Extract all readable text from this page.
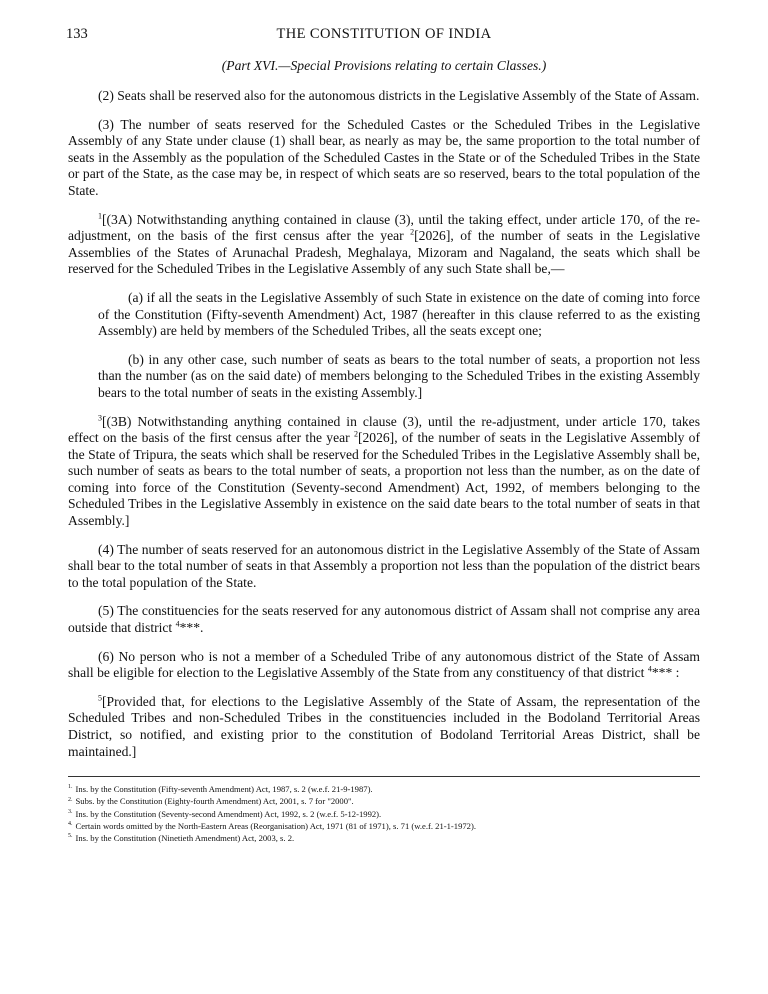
133	THE CONSTITUTION OF INDIA
(Part XVI.—Special Provisions relating to certain Classes.)

(2) Seats shall be reserved also for the autonomous districts in the Legislative Assembly of the State of Assam.

(3) The number of seats reserved for the Scheduled Castes or the Scheduled Tribes in the Legislative Assembly of any State under clause (1) shall bear, as nearly as may be, the same proportion to the total number of seats in the Assembly as the population of the Scheduled Castes in the State or of the Scheduled Tribes in the State or part of the State, as the case may be, in respect of which seats are so reserved, bears to the total population of the State.

$^1$[(3A) Notwithstanding anything contained in clause (3), until the taking effect, under article 170, of the re-adjustment, on the basis of the first census after the year $^2$[2026], of the number of seats in the Legislative Assemblies of the States of Arunachal Pradesh, Meghalaya, Mizoram and Nagaland, the seats which shall be reserved for the Scheduled Tribes in the Legislative Assembly of any such State shall be,—

(a) if all the seats in the Legislative Assembly of such State in existence on the date of coming into force of the Constitution (Fifty-seventh Amendment) Act, 1987 (hereafter in this clause referred to as the existing Assembly) are held by members of the Scheduled Tribes, all the seats except one;

(b) in any other case, such number of seats as bears to the total number of seats, a proportion not less than the number (as on the said date) of members belonging to the Scheduled Tribes in the existing Assembly bears to the total number of seats in the existing Assembly.]

$^3$[(3B) Notwithstanding anything contained in clause (3), until the re-adjustment, under article 170, takes effect on the basis of the first census after the year $^2$[2026], of the number of seats in the Legislative Assembly of the State of Tripura, the seats which shall be reserved for the Scheduled Tribes in the Legislative Assembly shall be, such number of seats as bears to the total number of seats, a proportion not less than the number, as on the date of coming into force of the Constitution (Seventy-second Amendment) Act, 1992, of members belonging to the Scheduled Tribes in the Legislative Assembly in existence on the said date bears to the total number of seats in that Assembly.]

(4) The number of seats reserved for an autonomous district in the Legislative Assembly of the State of Assam shall bear to the total number of seats in that Assembly a proportion not less than the population of the district bears to the total population of the State.

(5) The constituencies for the seats reserved for any autonomous district of Assam shall not comprise any area outside that district $^4$***.

(6) No person who is not a member of a Scheduled Tribe of any autonomous district of the State of Assam shall be eligible for election to the Legislative Assembly of the State from any constituency of that district $^4$*** :

$^5$[Provided that, for elections to the Legislative Assembly of the State of Assam, the representation of the Scheduled Tribes and non-Scheduled Tribes in the constituencies included in the Bodoland Territorial Areas District, so notified, and existing prior to the constitution of Bodoland Territorial Areas District, shall be maintained.]

$^{1.}$ Ins. by the Constitution (Fifty-seventh Amendment) Act, 1987, s. 2 (w.e.f. 21-9-1987).

$^{2.}$ Subs. by the Constitution (Eighty-fourth Amendment) Act, 2001, s. 7 for "2000".

$^{3.}$ Ins. by the Constitution (Seventy-second Amendment) Act, 1992, s. 2 (w.e.f. 5-12-1992).

$^{4.}$ Certain words omitted by the North-Eastern Areas (Reorganisation) Act, 1971 (81 of 1971), s. 71 (w.e.f. 21-1-1972).

$^{5.}$ Ins. by the Constitution (Ninetieth Amendment) Act, 2003, s. 2.
